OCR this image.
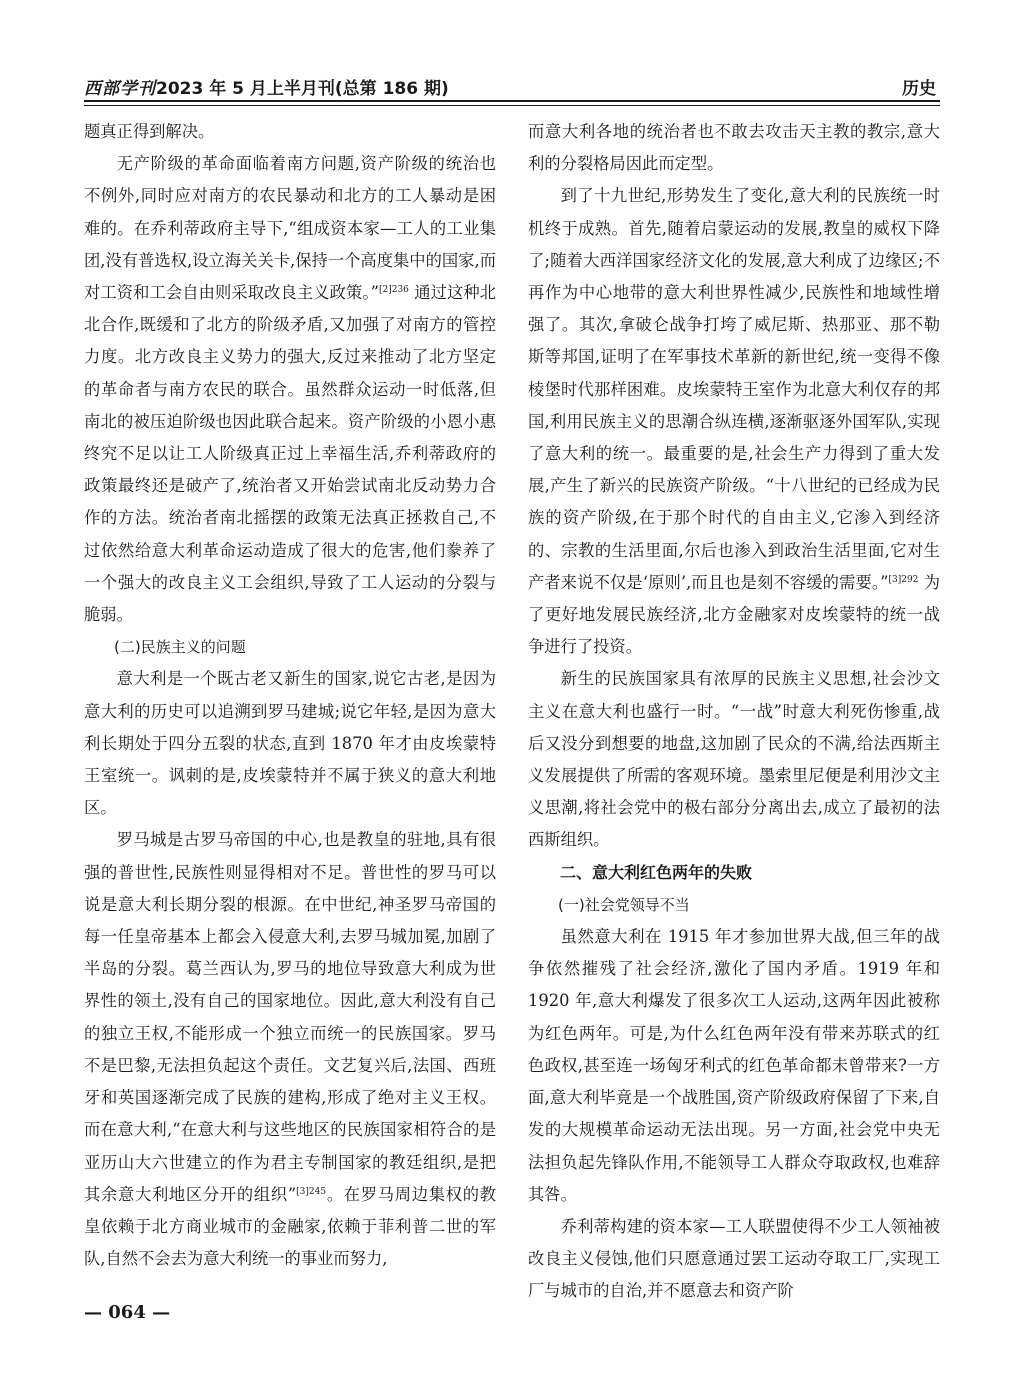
西部学刊2023 年 5 月上半月刊(总第 186 期)	历史

题真正得到解决。

无产阶级的革命面临着南方问题,资产阶级的统治也不例外,同时应对南方的农民暴动和北方的工人暴动是困难的。在乔利蒂政府主导下,“组成资本家—工人的工业集团,没有普选权,设立海关关卡,保持一个高度集中的国家,而对工资和工会自由则采取改良主义政策。”$^{[2]236}$ 通过这种北北合作,既缓和了北方的阶级矛盾,又加强了对南方的管控力度。北方改良主义势力的强大,反过来推动了北方坚定的革命者与南方农民的联合。虽然群众运动一时低落,但南北的被压迫阶级也因此联合起来。资产阶级的小恩小惠终究不足以让工人阶级真正过上幸福生活,乔利蒂政府的政策最终还是破产了,统治者又开始尝试南北反动势力合作的方法。统治者南北摇摆的政策无法真正拯救自己,不过依然给意大利革命运动造成了很大的危害,他们豢养了一个强大的改良主义工会组织,导致了工人运动的分裂与脆弱。

(二)民族主义的问题

意大利是一个既古老又新生的国家,说它古老,是因为意大利的历史可以追溯到罗马建城;说它年轻,是因为意大利长期处于四分五裂的状态,直到 1870 年才由皮埃蒙特王室统一。讽刺的是,皮埃蒙特并不属于狭义的意大利地区。

罗马城是古罗马帝国的中心,也是教皇的驻地,具有很强的普世性,民族性则显得相对不足。普世性的罗马可以说是意大利长期分裂的根源。在中世纪,神圣罗马帝国的每一任皇帝基本上都会入侵意大利,去罗马城加冕,加剧了半岛的分裂。葛兰西认为,罗马的地位导致意大利成为世界性的领土,没有自己的国家地位。因此,意大利没有自己的独立王权,不能形成一个独立而统一的民族国家。罗马不是巴黎,无法担负起这个责任。文艺复兴后,法国、西班牙和英国逐渐完成了民族的建构,形成了绝对主义王权。而在意大利,“在意大利与这些地区的民族国家相符合的是亚历山大六世建立的作为君主专制国家的教廷组织,是把其余意大利地区分开的组织”$^{[3]245}$。在罗马周边集权的教皇依赖于北方商业城市的金融家,依赖于菲利普二世的军队,自然不会去为意大利统一的事业而努力,

而意大利各地的统治者也不敢去攻击天主教的教宗,意大利的分裂格局因此而定型。

到了十九世纪,形势发生了变化,意大利的民族统一时机终于成熟。首先,随着启蒙运动的发展,教皇的威权下降了;随着大西洋国家经济文化的发展,意大利成了边缘区;不再作为中心地带的意大利世界性减少,民族性和地域性增强了。其次,拿破仑战争打垮了威尼斯、热那亚、那不勒斯等邦国,证明了在军事技术革新的新世纪,统一变得不像棱堡时代那样困难。皮埃蒙特王室作为北意大利仅存的邦国,利用民族主义的思潮合纵连横,逐渐驱逐外国军队,实现了意大利的统一。最重要的是,社会生产力得到了重大发展,产生了新兴的民族资产阶级。“十八世纪的已经成为民族的资产阶级,在于那个时代的自由主义,它渗入到经济的、宗教的生活里面,尔后也渗入到政治生活里面,它对生产者来说不仅是‘原则’,而且也是刻不容缓的需要。”$^{[3]292}$ 为了更好地发展民族经济,北方金融家对皮埃蒙特的统一战争进行了投资。

新生的民族国家具有浓厚的民族主义思想,社会沙文主义在意大利也盛行一时。“一战”时意大利死伤惨重,战后又没分到想要的地盘,这加剧了民众的不满,给法西斯主义发展提供了所需的客观环境。墨索里尼便是利用沙文主义思潮,将社会党中的极右部分分离出去,成立了最初的法西斯组织。

二、意大利红色两年的失败

(一)社会党领导不当

虽然意大利在 1915 年才参加世界大战,但三年的战争依然摧残了社会经济,激化了国内矛盾。1919 年和 1920 年,意大利爆发了很多次工人运动,这两年因此被称为红色两年。可是,为什么红色两年没有带来苏联式的红色政权,甚至连一场匈牙利式的红色革命都未曾带来?一方面,意大利毕竟是一个战胜国,资产阶级政府保留了下来,自发的大规模革命运动无法出现。另一方面,社会党中央无法担负起先锋队作用,不能领导工人群众夺取政权,也难辞其咎。

乔利蒂构建的资本家—工人联盟使得不少工人领袖被改良主义侵蚀,他们只愿意通过罢工运动夺取工厂,实现工厂与城市的自治,并不愿意去和资产阶

— 064 —
